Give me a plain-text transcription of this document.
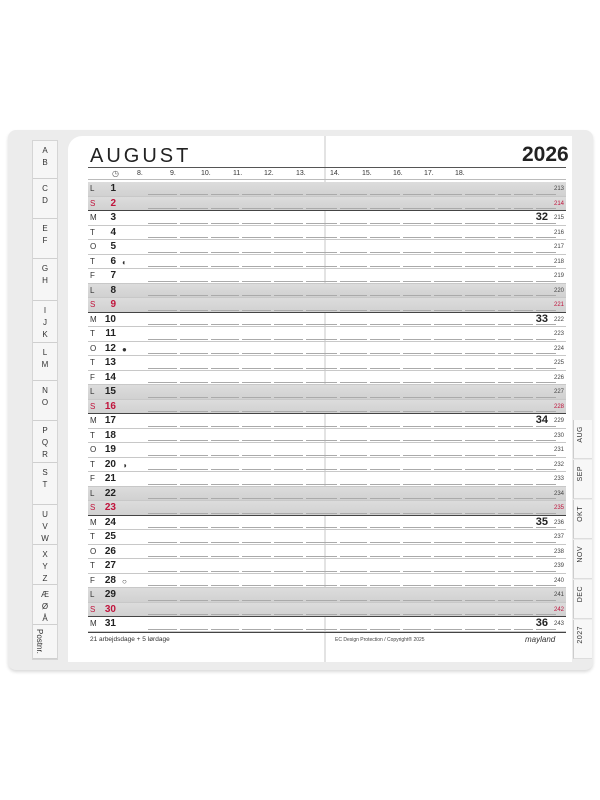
A
B
C
D
E
F
G
H
I
J
K
L
M
N
O
P
Q
R
S
T
U
V
W
X
Y
Z
Æ
Ø
Å
Postnr.
AUGUST	2026
◷	8.	9.	10.	11.	12.	13.	14.	15.	16.	17.	18.
L	1	213
S	2	214
M	3	32 215
T	4	216
O	5	217
T	6 ◐	218
F	7	219
L	8	220
S	9	221
M 10	33 222
T	11	223
O 12 ●	224
T 13	225
F 14	226
L 15	227
S 16	228
M 17	34 229
T 18	230
O 19	231
T 20 ◑	232
F 21	233
L 22	234
S 23	235
M 24	35 236
T 25	237
O 26	238
T 27	239
F 28 ○	240
L 29	241
S 30	242
M 31	36 243
21 arbejdsdage + 5 lørdage	EC Design Protection / Copyright® 2025	mayland
AUG
SEP
OKT
NOV
DEC
2027
